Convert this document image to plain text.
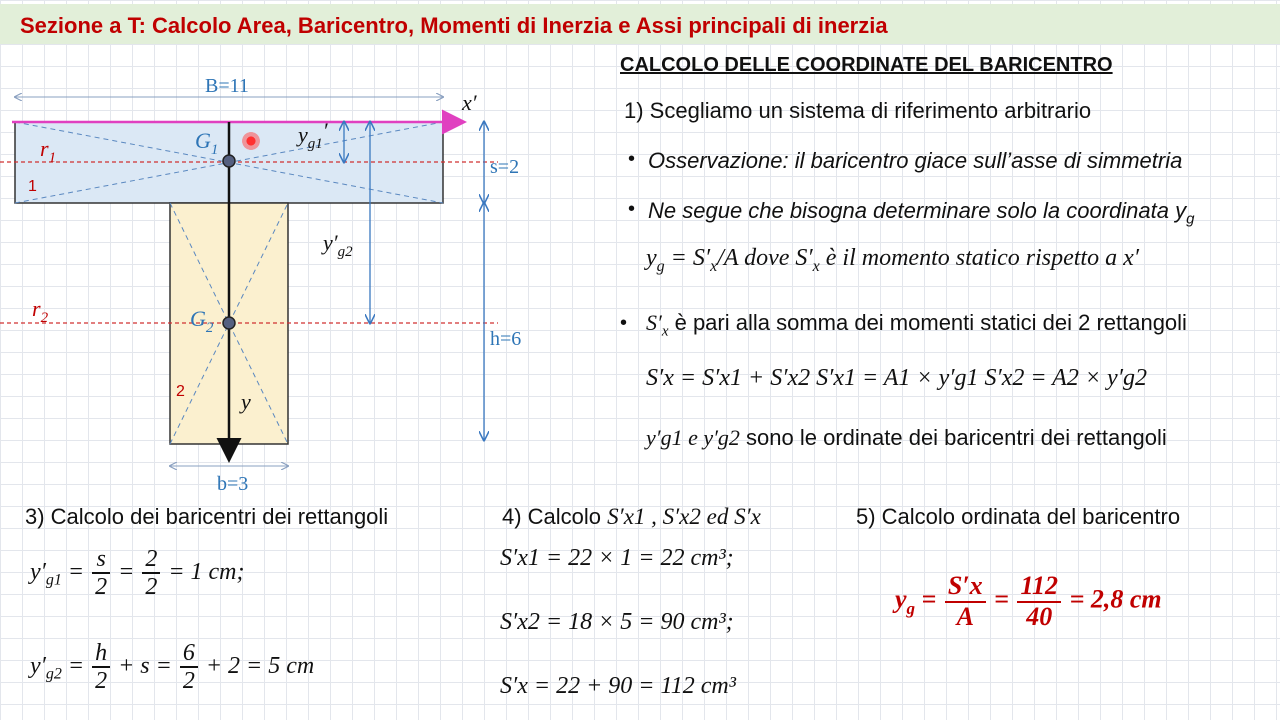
Sezione a T: Calcolo Area, Baricentro, Momenti di Inerzia e Assi principali di inerzia
B=11
x′
s=2
h=6
b=3
$G_1$
$G_2$
$r_1$
$r_2$
1
2	y
$y_{g1}'$
$y'_{g2}$
CALCOLO DELLE COORDINATE DEL BARICENTRO
1) Scegliamo un sistema di riferimento arbitrario
• Osservazione: il baricentro giace sull’asse di simmetria
• Ne segue che bisogna determinare solo la coordinata $y_g$
$y_g = S'_x/A$ dove $S'_x$ è il momento statico rispetto a x′
• $S'_x$ è pari alla somma dei momenti statici dei 2 rettangoli
S′x = S′x1 + S′x2 S′x1 = A1 × y′g1 S′x2 = A2 × y′g2
y′g1 e y′g2 sono le ordinate dei baricentri dei rettangoli
3) Calcolo dei baricentri dei rettangoli
$y'_{g1} = \frac{s}{2} = \frac{2}{2} = 1$ cm;
$y'_{g2} = \frac{h}{2} + s = \frac{6}{2} + 2 = 5$ cm
4) Calcolo S′x1 , S′x2 ed S′x
S′x1 = 22 × 1 = 22 cm³;
S′x2 = 18 × 5 = 90 cm³;
S′x = 22 + 90 = 112 cm³
5) Calcolo ordinata del baricentro
$y_g = \frac{S'x}{A} = \frac{112}{40} = 2,8$ cm
